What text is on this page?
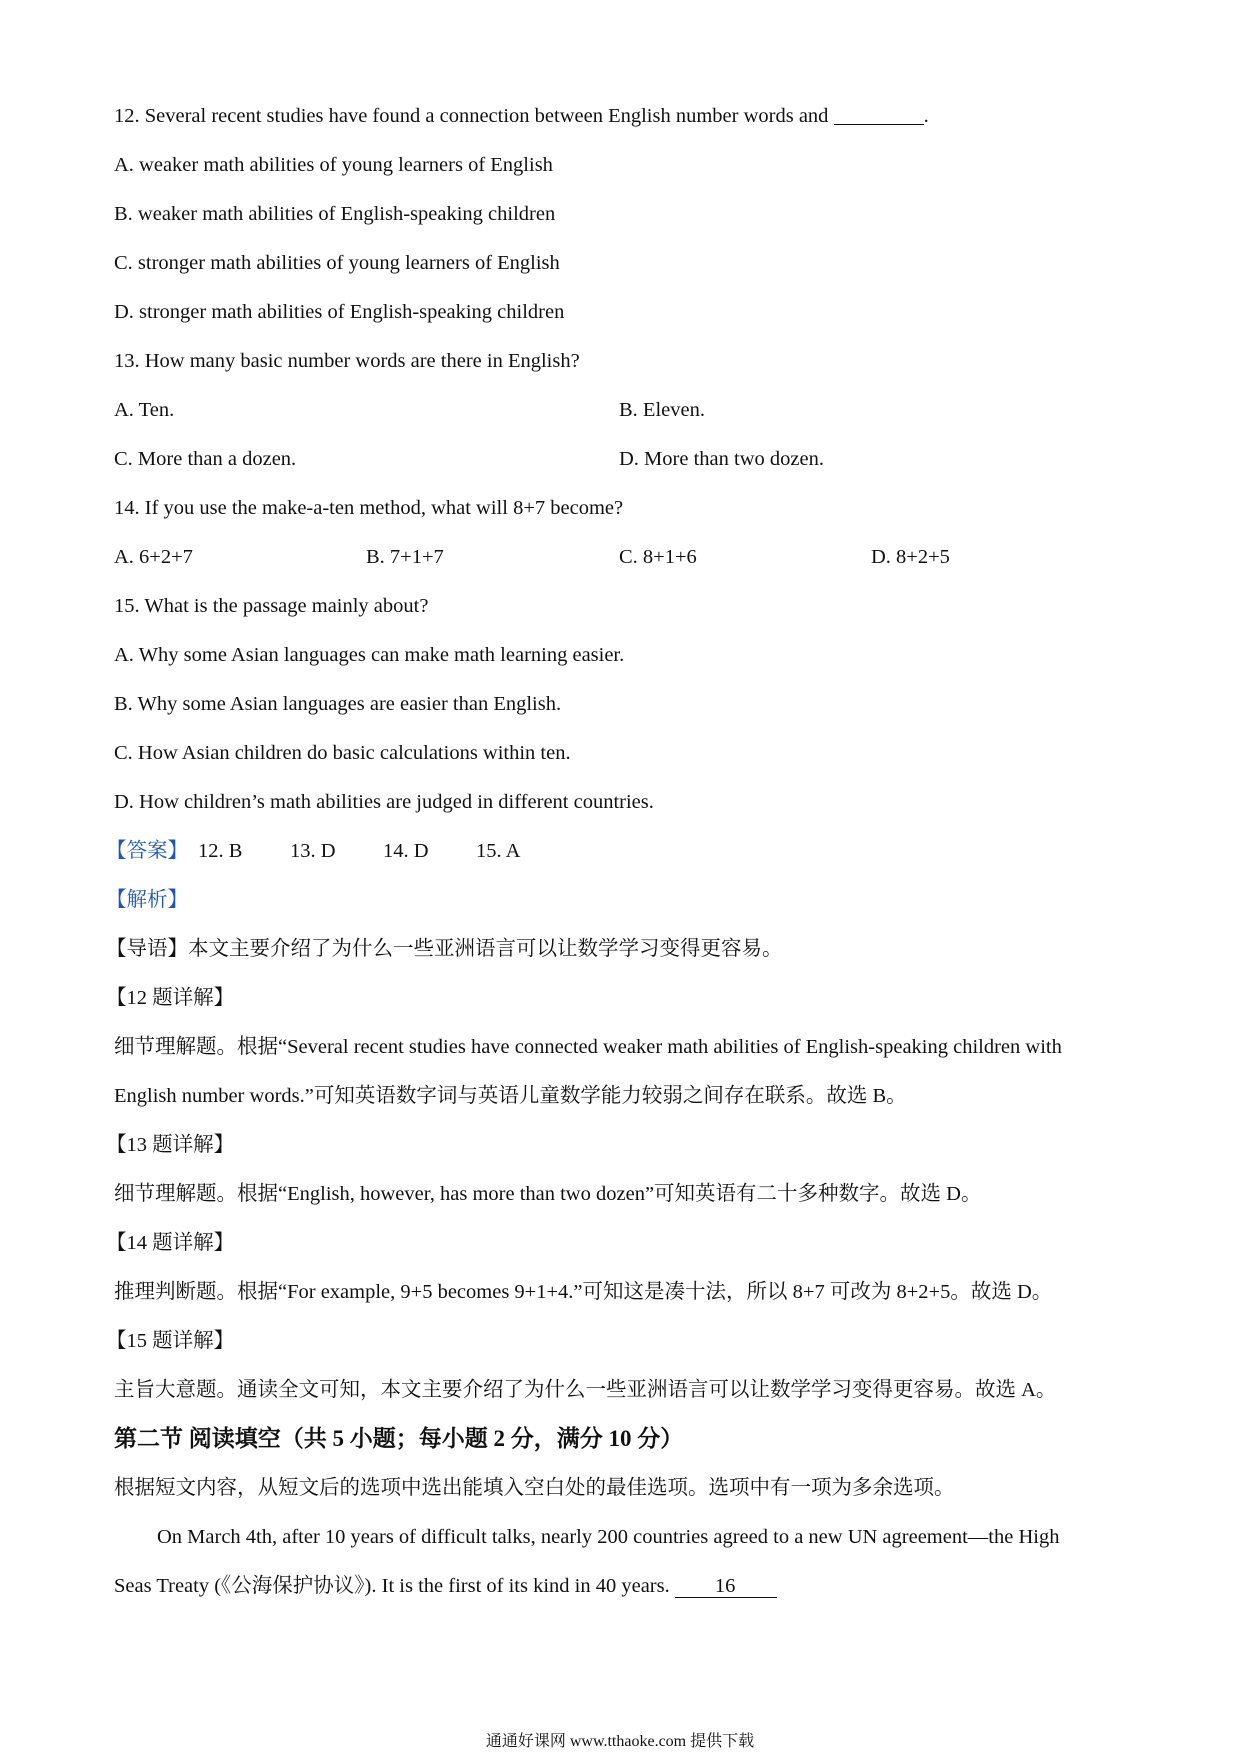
12. Several recent studies have found a connection between English number words and	.
A. weaker math abilities of young learners of English
B. weaker math abilities of English-speaking children
C. stronger math abilities of young learners of English
D. stronger math abilities of English-speaking children
13. How many basic number words are there in English?
A. Ten.	B. Eleven.
C. More than a dozen.	D. More than two dozen.
14. If you use the make-a-ten method, what will 8+7 become?
A. 6+2+7	B. 7+1+7	C. 8+1+6	D. 8+2+5
15. What is the passage mainly about?
A. Why some Asian languages can make math learning easier.
B. Why some Asian languages are easier than English.
C. How Asian children do basic calculations within ten.
D. How children’s math abilities are judged in different countries.
【答案】 12. B 13. D 14. D 15. A
【解析】
【导语】本文主要介绍了为什么一些亚洲语言可以让数学学习变得更容易。
【12 题详解】
细节理解题。根据“Several recent studies have connected weaker math abilities of English-speaking children with
English number words.”可知英语数字词与英语儿童数学能力较弱之间存在联系。故选 B。
【13 题详解】
细节理解题。根据“English, however, has more than two dozen”可知英语有二十多种数字。故选 D。
【14 题详解】
推理判断题。根据“For example, 9+5 becomes 9+1+4.”可知这是凑十法，所以 8+7 可改为 8+2+5。故选 D。
【15 题详解】
主旨大意题。通读全文可知，本文主要介绍了为什么一些亚洲语言可以让数学学习变得更容易。故选 A。
第二节 阅读填空（共 5 小题；每小题 2 分，满分 10 分）
根据短文内容，从短文后的选项中选出能填入空白处的最佳选项。选项中有一项为多余选项。
On March 4th, after 10 years of difficult talks, nearly 200 countries agreed to a new UN agreement—the High
Seas Treaty (《公海保护协议》). It is the first of its kind in 40 years. 16
通通好课网 www.tthaoke.com 提供下载
